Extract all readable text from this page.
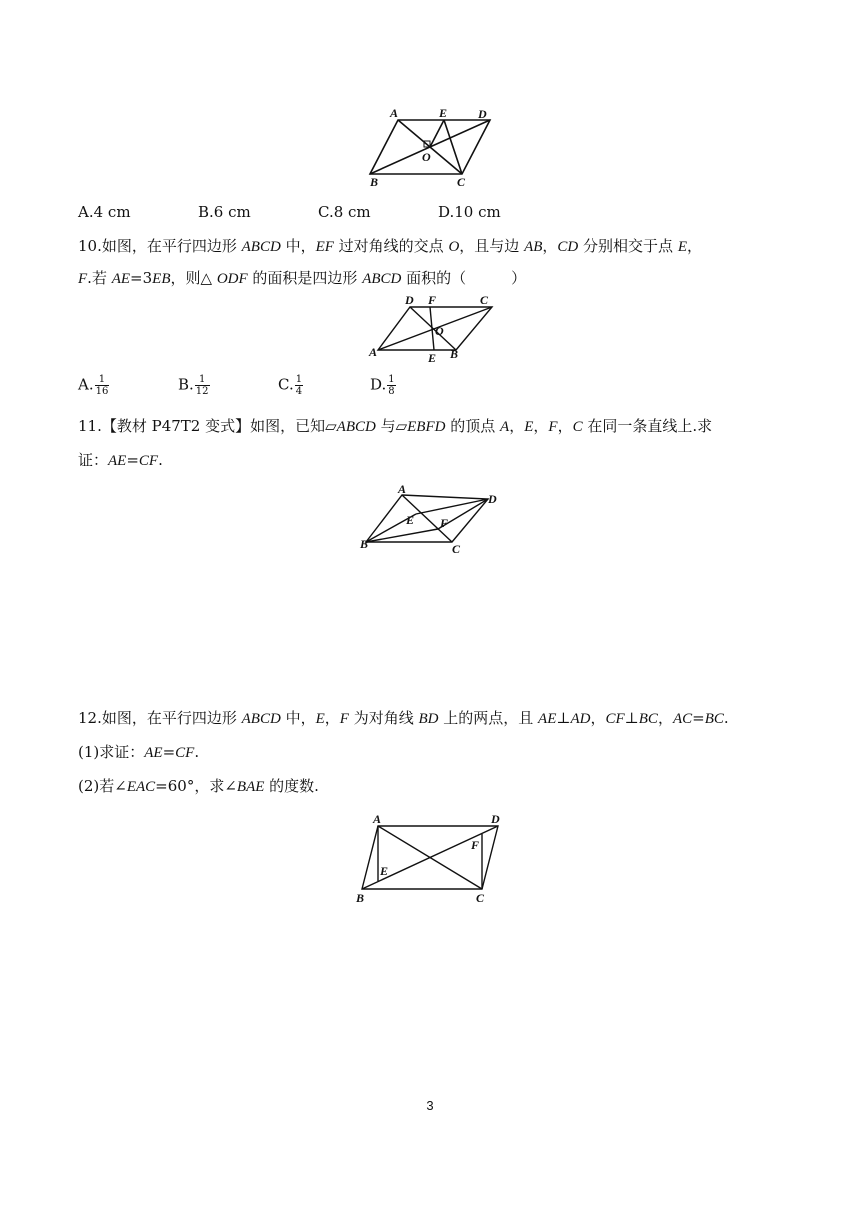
A	E	D
O
B	C
A.4 cm	B.6 cm	C.8 cm	D.10 cm
10.如图，在平行四边形 ABCD 中，EF 过对角线的交点 O，且与边 AB，CD 分别相交于点 E，
F.若 AE=3EB，则△ ODF 的面积是四边形 ABCD 面积的（　　　）
D F	C
O
A	E B
A. $\frac{1}{16}$	B. $\frac{1}{12}$	C. $\frac{1}{4}$	D. $\frac{1}{8}$
11.【教材 P47T2 变式】如图，已知▱ABCD 与▱EBFD 的顶点 A，E，F，C 在同一条直线上.求
证：AE=CF.
A
D
E F
B	C
12.如图，在平行四边形 ABCD 中，E，F 为对角线 BD 上的两点，且 AE⊥AD，CF⊥BC，AC=BC.
(1)求证：AE=CF.
(2)若∠EAC=60°，求∠BAE 的度数.
A	D
F
E
B	C
3
